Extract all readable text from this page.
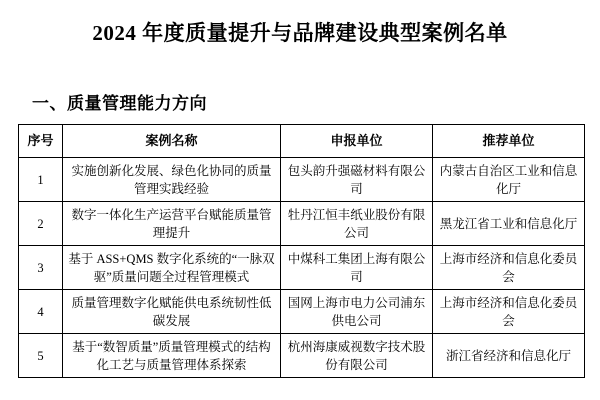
2024 年度质量提升与品牌建设典型案例名单
一、质量管理能力方向
序号	案例名称	申报单位	推荐单位
1	实施创新化发展、绿色化协同的质量管理实践经验	包头韵升强磁材料有限公司	内蒙古自治区工业和信息化厅
2	数字一体化生产运营平台赋能质量管理提升	牡丹江恒丰纸业股份有限公司	黑龙江省工业和信息化厅
3	基于 ASS+QMS 数字化系统的“一脉双驱”质量问题全过程管理模式	中煤科工集团上海有限公司	上海市经济和信息化委员会
4	质量管理数字化赋能供电系统韧性低碳发展	国网上海市电力公司浦东供电公司	上海市经济和信息化委员会
5	基于“数智质量”质量管理模式的结构化工艺与质量管理体系探索	杭州海康威视数字技术股份有限公司	浙江省经济和信息化厅
